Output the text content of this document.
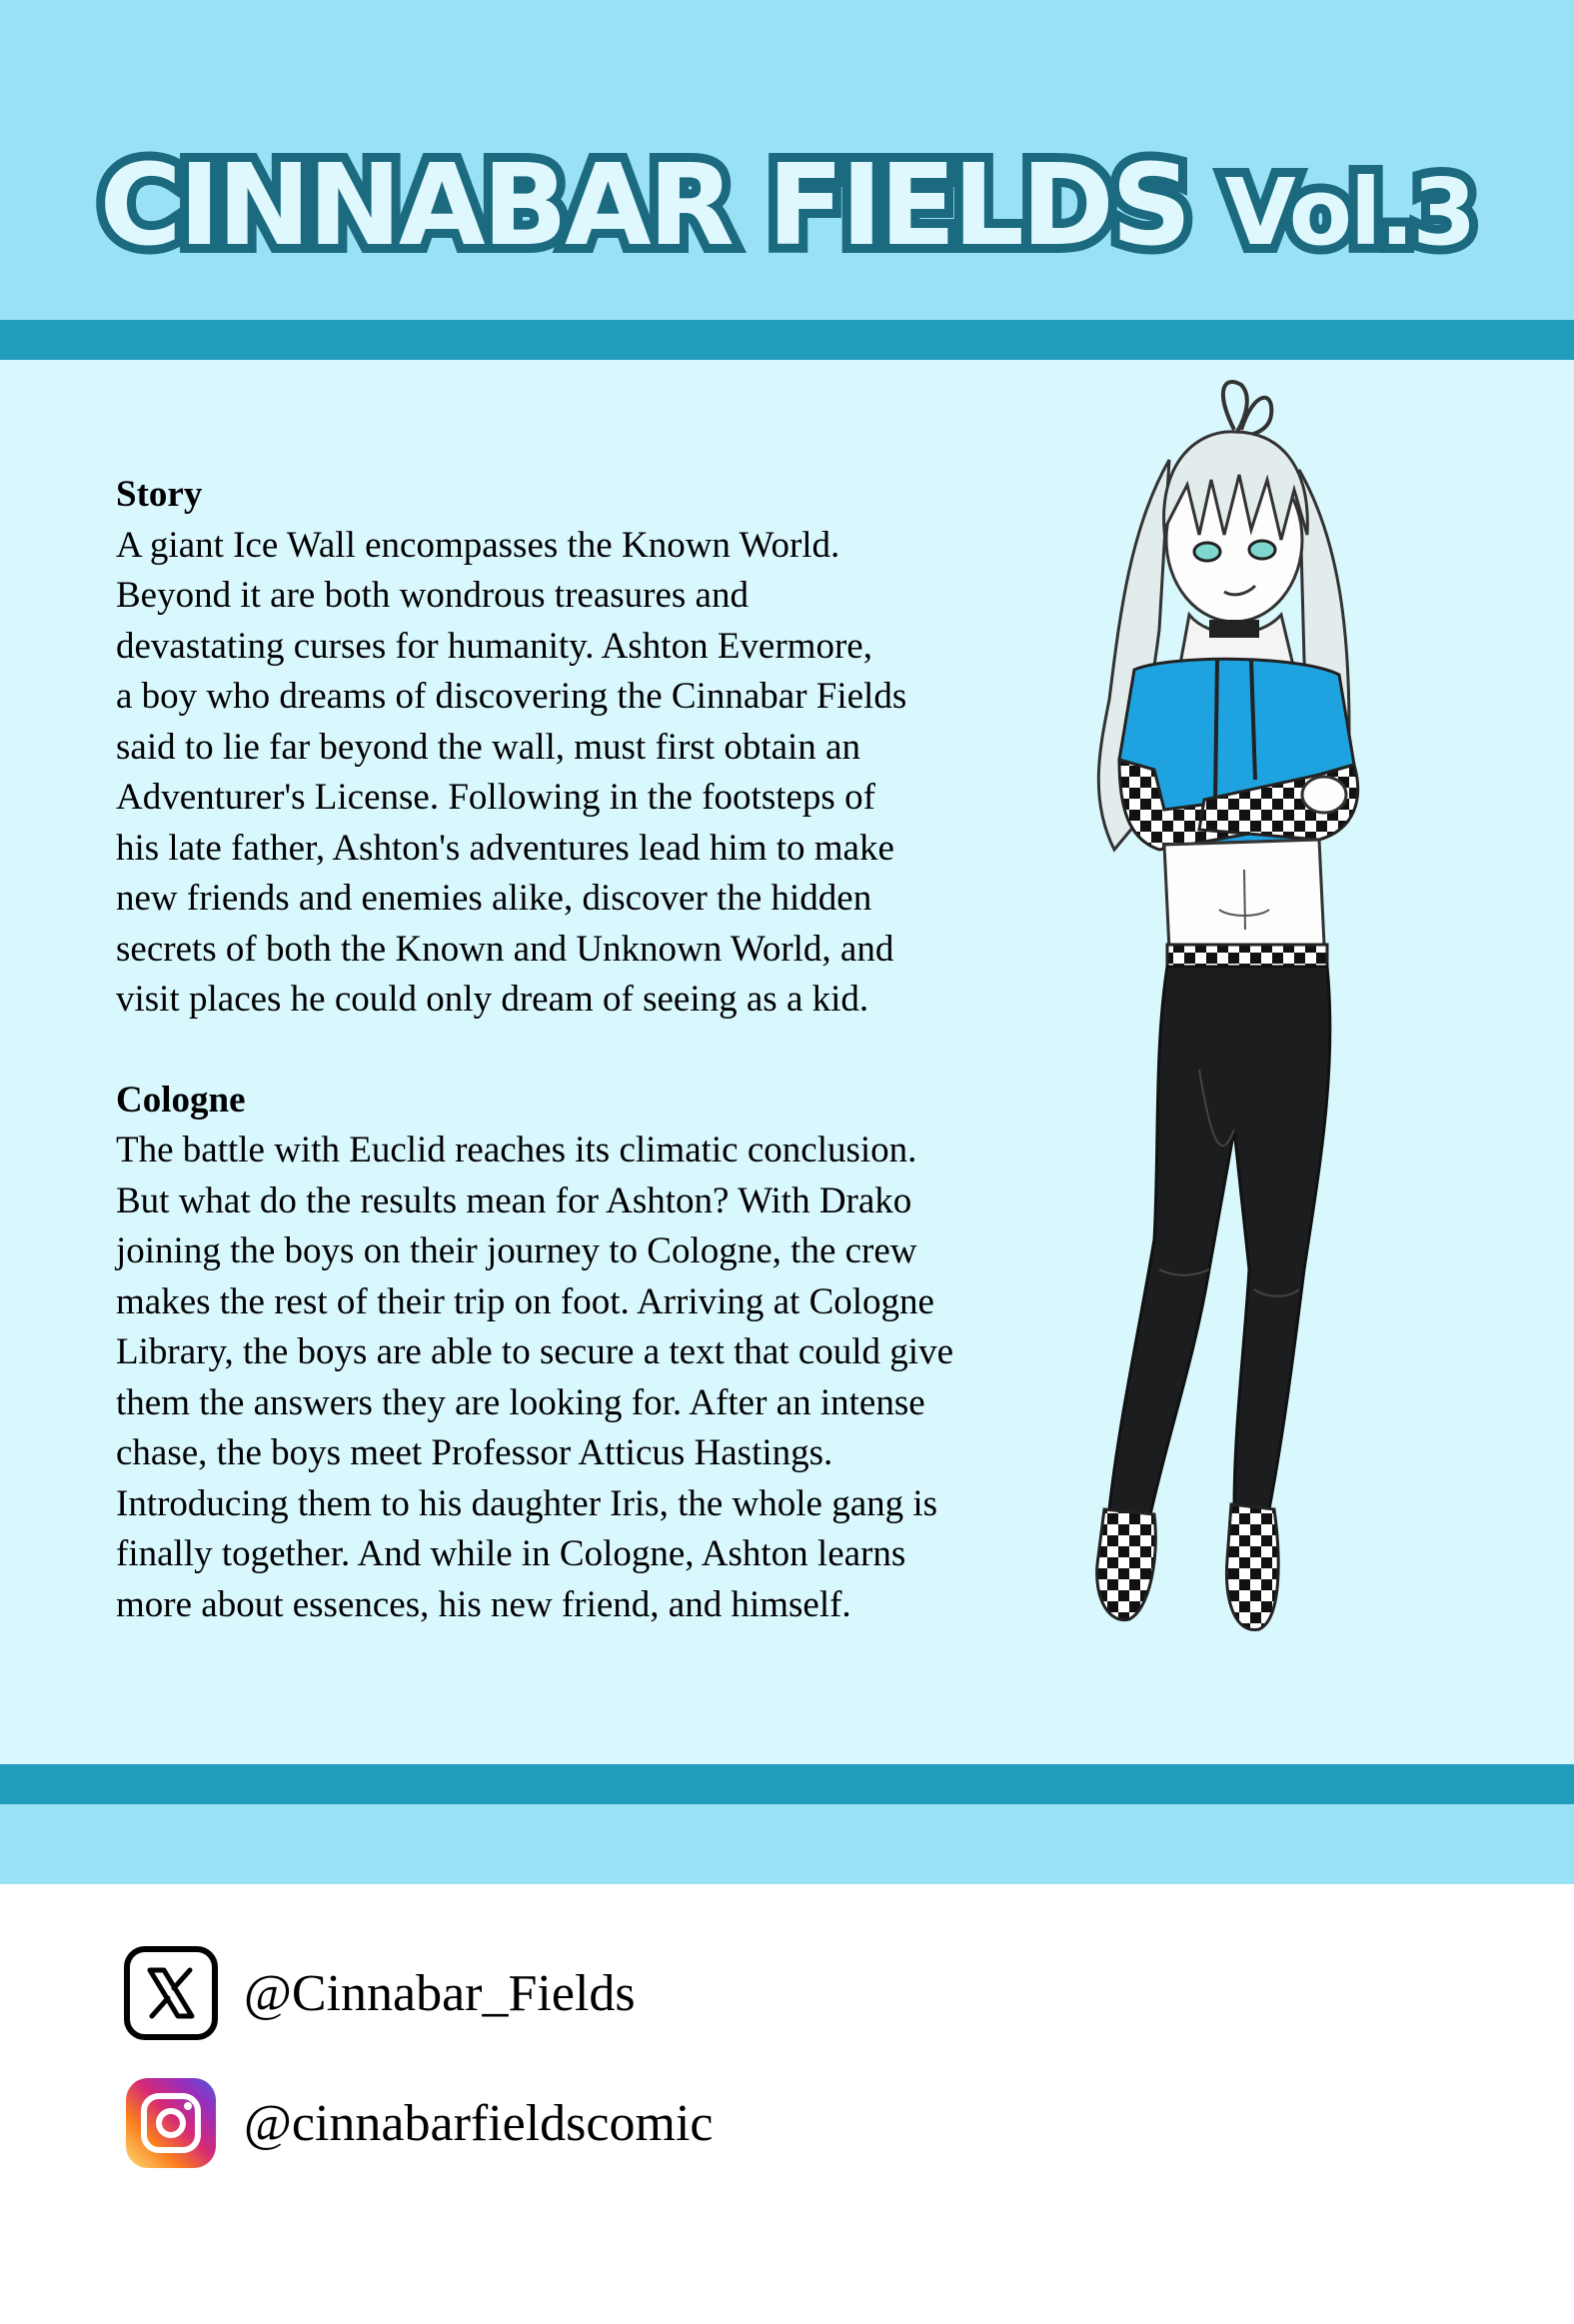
CINNABAR FIELDS Vol.3
Story

A giant Ice Wall encompasses the Known World.
Beyond it are both wondrous treasures and
devastating curses for humanity. Ashton Evermore,
a boy who dreams of discovering the Cinnabar Fields
said to lie far beyond the wall, must first obtain an
Adventurer's License. Following in the footsteps of
his late father, Ashton's adventures lead him to make
new friends and enemies alike, discover the hidden
secrets of both the Known and Unknown World, and
visit places he could only dream of seeing as a kid.

Cologne

The battle with Euclid reaches its climatic conclusion.
But what do the results mean for Ashton? With Drako
joining the boys on their journey to Cologne, the crew
makes the rest of their trip on foot. Arriving at Cologne
Library, the boys are able to secure a text that could give
them the answers they are looking for. After an intense
chase, the boys meet Professor Atticus Hastings.
Introducing them to his daughter Iris, the whole gang is
finally together. And while in Cologne, Ashton learns
more about essences, his new friend, and himself.

@Cinnabar_Fields
@cinnabarfieldscomic
